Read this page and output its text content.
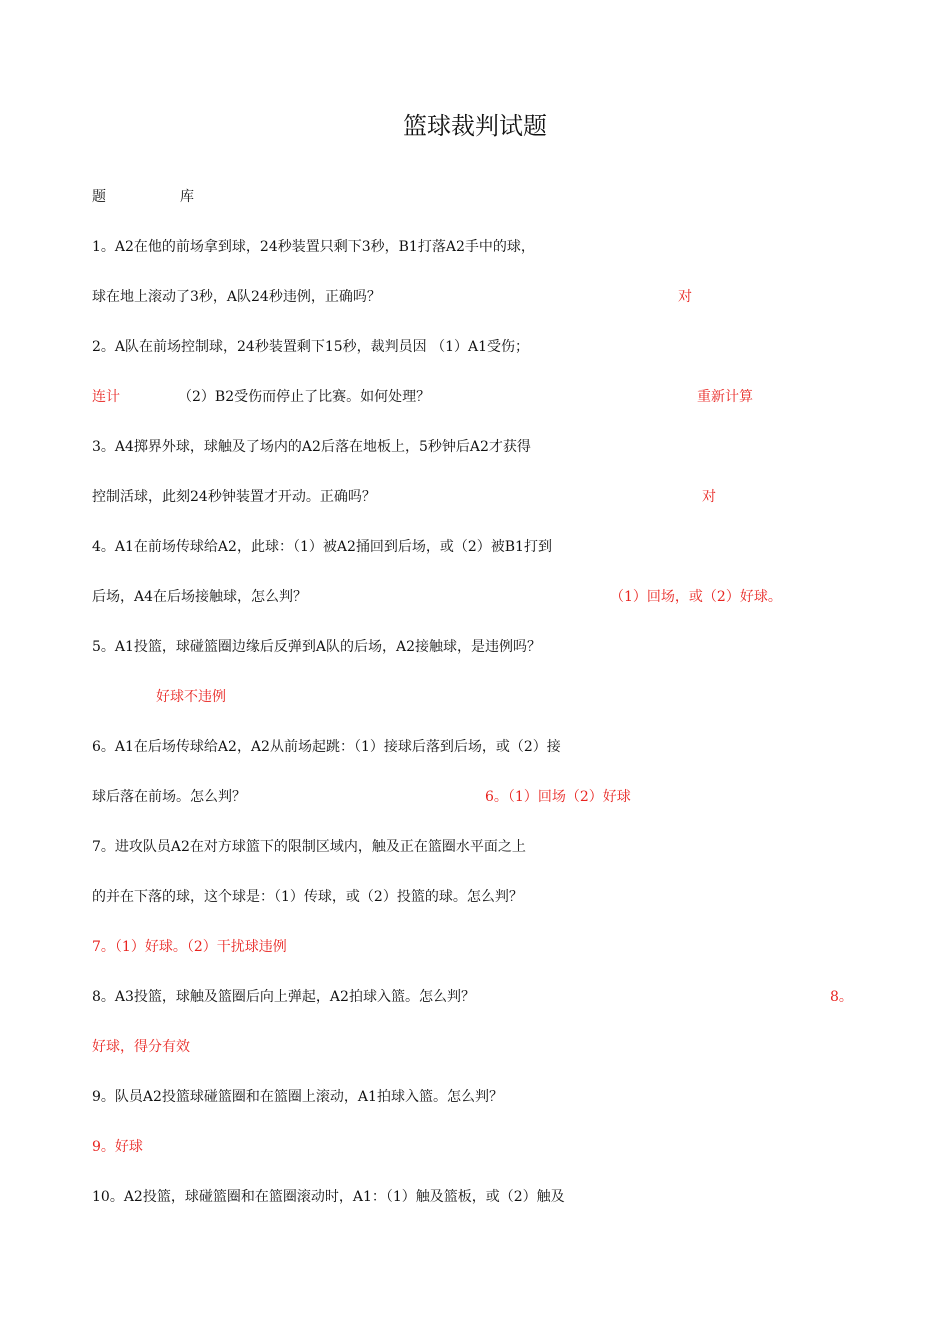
篮球裁判试题
题	库
1。A2在他的前场拿到球，24秒装置只剩下3秒，B1打落A2手中的球，
球在地上滚动了3秒，A队24秒违例，正确吗？	对
2。A队在前场控制球，24秒装置剩下15秒，裁判员因 （1）A1受伤；
连计	（2）B2受伤而停止了比赛。如何处理？	重新计算
3。A4掷界外球，球触及了场内的A2后落在地板上，5秒钟后A2才获得
控制活球，此刻24秒钟装置才开动。正确吗？	对
4。A1在前场传球给A2，此球：（1）被A2捅回到后场，或（2）被B1打到
后场，A4在后场接触球，怎么判？	（1）回场，或（2）好球。
5。A1投篮，球碰篮圈边缘后反弹到A队的后场，A2接触球，是违例吗？
好球不违例
6。A1在后场传球给A2，A2从前场起跳：（1）接球后落到后场，或（2）接
球后落在前场。怎么判？	6。（1）回场（2）好球
7。进攻队员A2在对方球篮下的限制区域内，触及正在篮圈水平面之上
的并在下落的球，这个球是：（1）传球，或（2）投篮的球。怎么判？
7。（1）好球。（2）干扰球违例
8。A3投篮，球触及篮圈后向上弹起，A2拍球入篮。怎么判？	8。
好球，得分有效
9。队员A2投篮球碰篮圈和在篮圈上滚动，A1拍球入篮。怎么判？
9。好球
10。A2投篮，球碰篮圈和在篮圈滚动时，A1：（1）触及篮板，或（2）触及
